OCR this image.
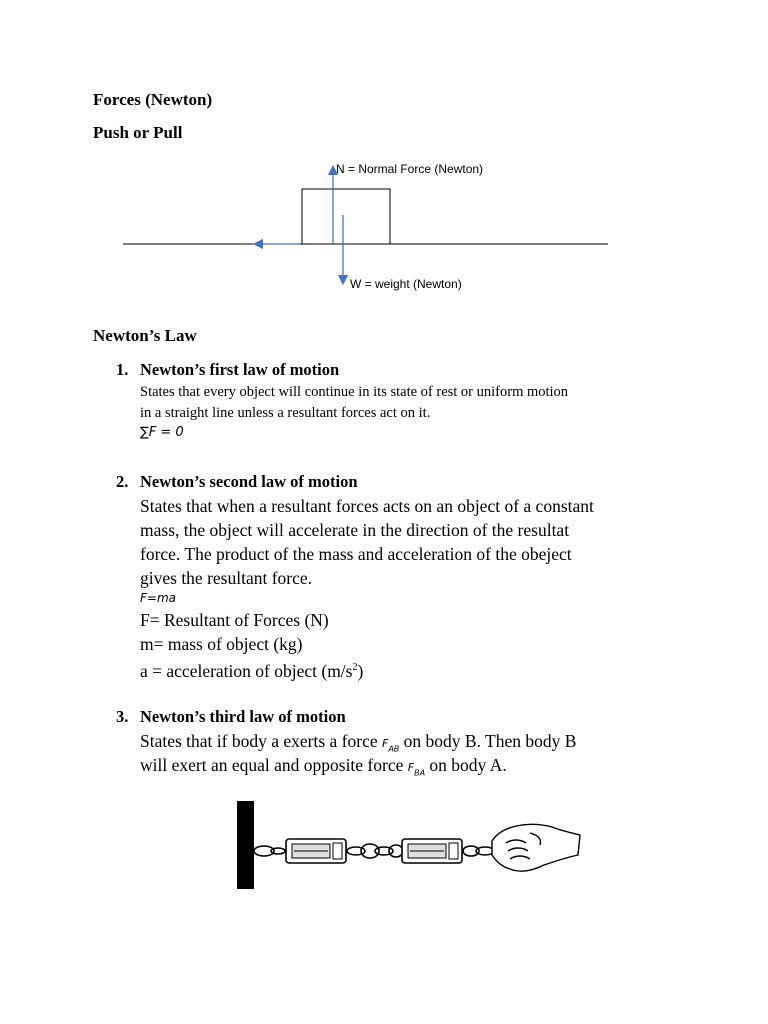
Forces (Newton)
Push or Pull
N = Normal Force (Newton)
W = weight (Newton)
Newton’s Law
1. Newton’s first law of motion
States that every object will continue in its state of rest or uniform motion
in a straight line unless a resultant forces act on it.
∑F = 0
2. Newton’s second law of motion
States that when a resultant forces acts on an object of a constant
mass, the object will accelerate in the direction of the resultat
force. The product of the mass and acceleration of the obeject
gives the resultant force.
F=ma
F= Resultant of Forces (N)
m= mass of object (kg)
a = acceleration of object $(m/s^2)$
3. Newton’s third law of motion
States that if body a exerts a force $F_{AB}$ on body B. Then body B
will exert an equal and opposite force $F_{BA}$ on body A.
